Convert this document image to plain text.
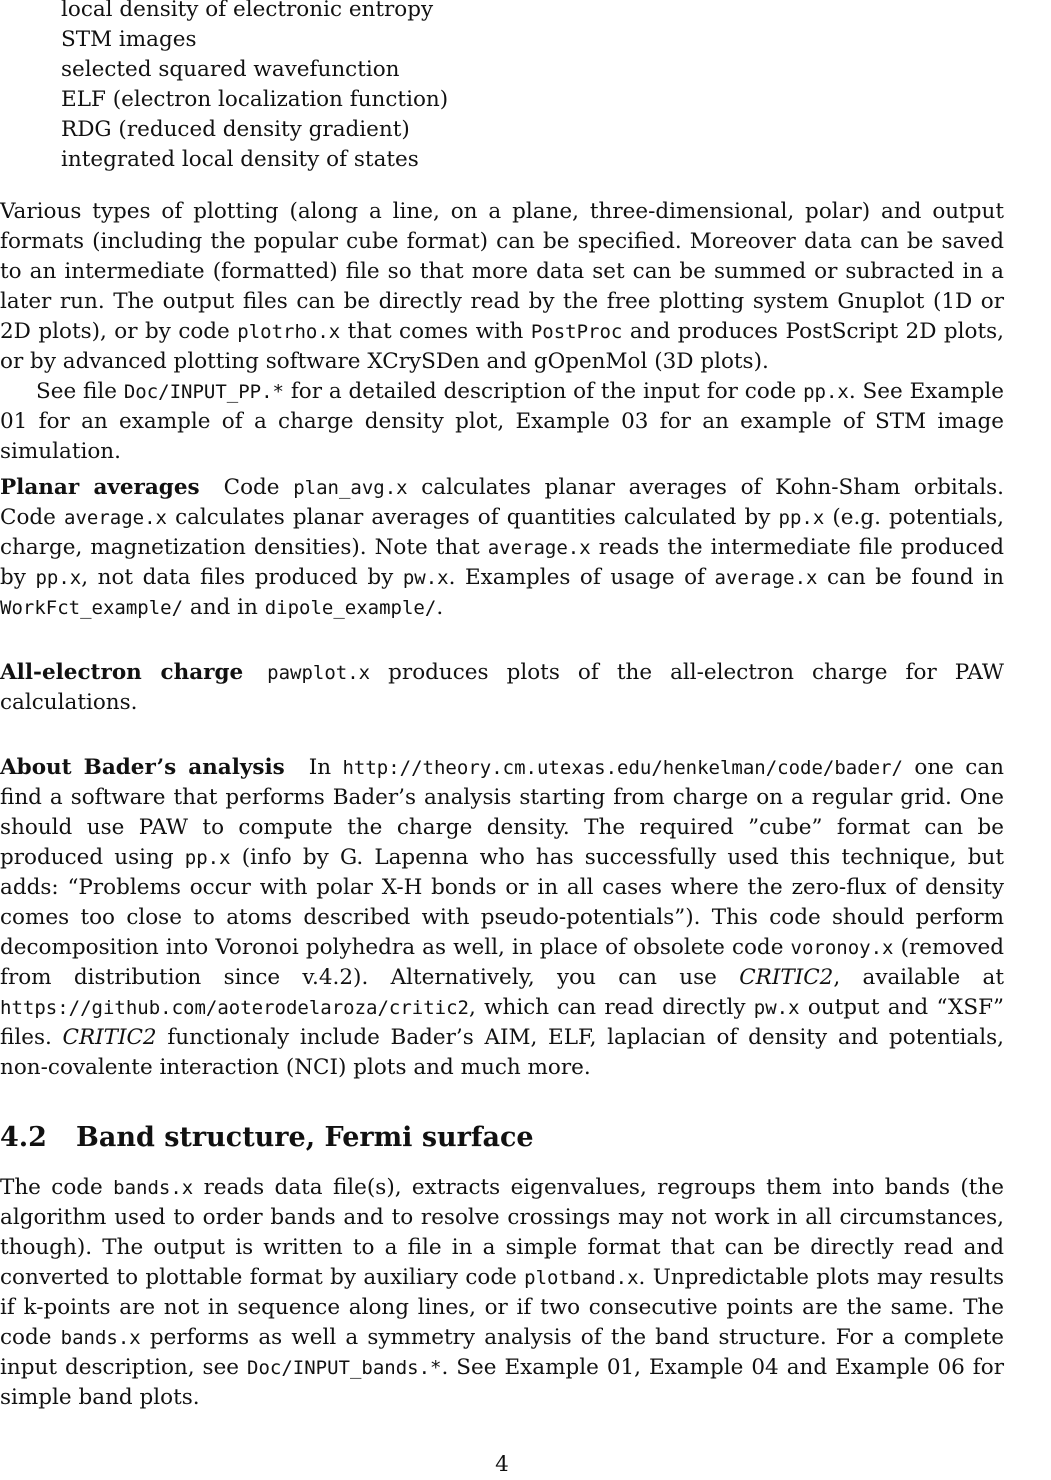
local density of electronic entropy
STM images
selected squared wavefunction
ELF (electron localization function)
RDG (reduced density gradient)
integrated local density of states

Various types of plotting (along a line, on a plane, three-dimensional, polar) and output formats (including the popular cube format) can be specified. Moreover data can be saved to an intermediate (formatted) file so that more data set can be summed or subracted in a later run. The output files can be directly read by the free plotting system Gnuplot (1D or 2D plots), or by code plotrho.x that comes with PostProc and produces PostScript 2D plots, or by advanced plotting software XCrySDen and gOpenMol (3D plots).

See file Doc/INPUT_PP.* for a detailed description of the input for code pp.x. See Example 01 for an example of a charge density plot, Example 03 for an example of STM image simulation.

Planar averages Code plan_avg.x calculates planar averages of Kohn-Sham orbitals. Code average.x calculates planar averages of quantities calculated by pp.x (e.g. potentials, charge, magnetization densities). Note that average.x reads the intermediate file produced by pp.x, not data files produced by pw.x. Examples of usage of average.x can be found in WorkFct_example/ and in dipole_example/.

All-electron charge pawplot.x produces plots of the all-electron charge for PAW calculations.

About Bader’s analysis In http://theory.cm.utexas.edu/henkelman/code/bader/ one can find a software that performs Bader’s analysis starting from charge on a regular grid. One should use PAW to compute the charge density. The required ”cube” format can be produced using pp.x (info by G. Lapenna who has successfully used this technique, but adds: “Problems occur with polar X-H bonds or in all cases where the zero-flux of density comes too close to atoms described with pseudo-potentials”). This code should perform decomposition into Voronoi polyhedra as well, in place of obsolete code voronoy.x (removed from distribution since v.4.2). Alternatively, you can use CRITIC2, available at https://github.com/aoterodelaroza/critic2, which can read directly pw.x output and “XSF” files. CRITIC2 functionaly include Bader’s AIM, ELF, laplacian of density and potentials, non-covalente interaction (NCI) plots and much more.

4.2 Band structure, Fermi surface

The code bands.x reads data file(s), extracts eigenvalues, regroups them into bands (the algorithm used to order bands and to resolve crossings may not work in all circumstances, though). The output is written to a file in a simple format that can be directly read and converted to plottable format by auxiliary code plotband.x. Unpredictable plots may results if k-points are not in sequence along lines, or if two consecutive points are the same. The code bands.x performs as well a symmetry analysis of the band structure. For a complete input description, see Doc/INPUT_bands.*. See Example 01, Example 04 and Example 06 for simple band plots.

4
